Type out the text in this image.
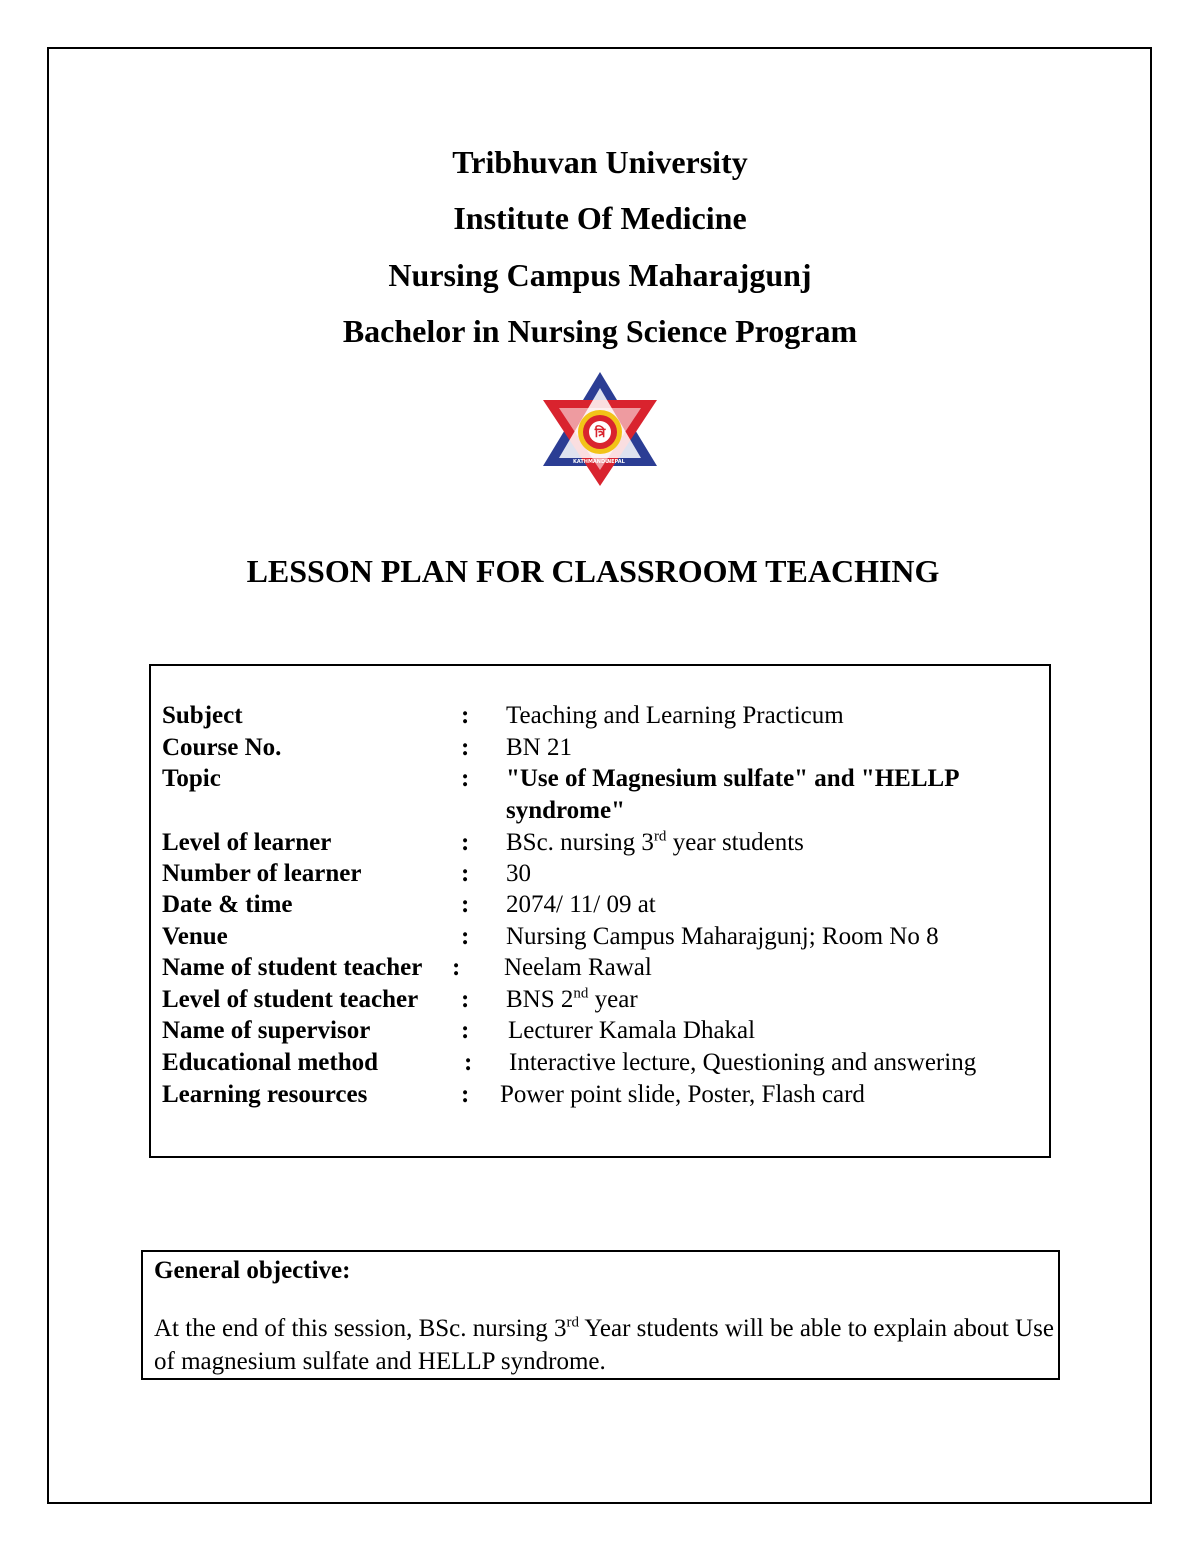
Tribhuvan University
Institute Of Medicine
Nursing Campus Maharajgunj
Bachelor in Nursing Science Program
त्रि
KATHMANDU
NEPAL
LESSON PLAN FOR CLASSROOM TEACHING
Subject	: Teaching and Learning Practicum
Course No.	: BN 21
Topic	: "Use of Magnesium sulfate" and "HELLP syndrome"
Level of learner	: BSc. nursing 3rd year students
Number of learner	: 30
Date & time	: 2074/ 11/ 09 at
Venue	: Nursing Campus Maharajgunj; Room No 8
Name of student teacher : Neelam Rawal
Level of student teacher : BNS 2nd year
Name of supervisor	: Lecturer Kamala Dhakal
Educational method	: Interactive lecture, Questioning and answering
Learning resources	: Power point slide, Poster, Flash card
General objective:
At the end of this session, BSc. nursing 3rd Year students will be able to explain about Use of magnesium sulfate and HELLP syndrome.
